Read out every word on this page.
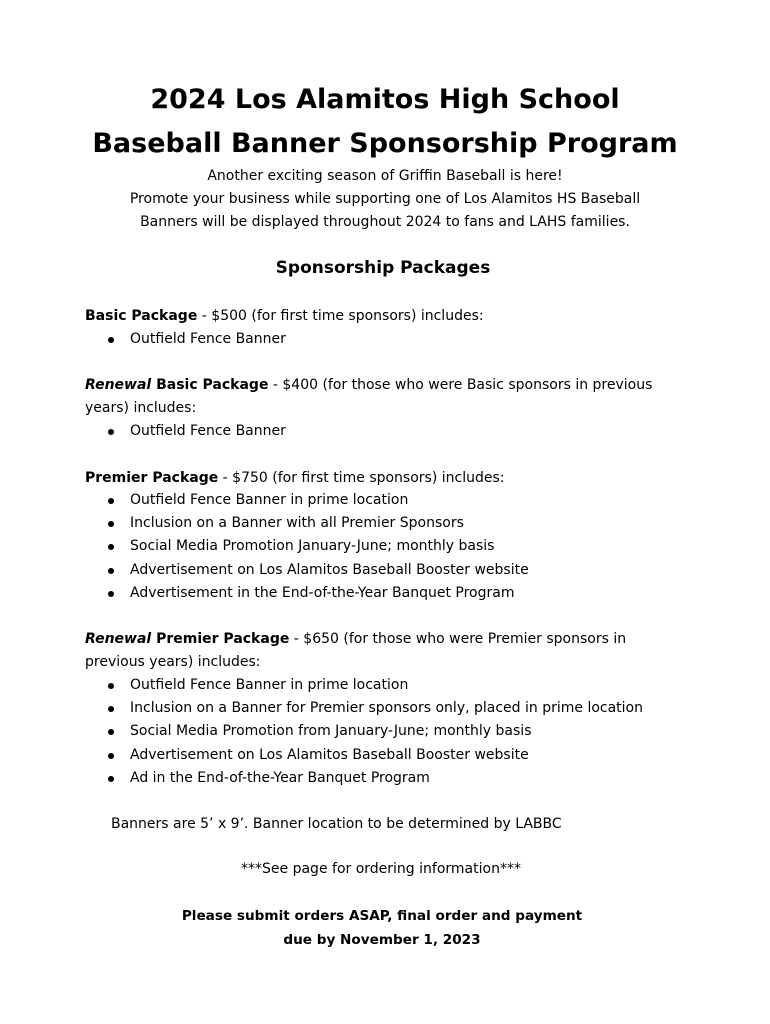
2024 Los Alamitos High School
Baseball Banner Sponsorship Program

Another exciting season of Griffin Baseball is here!

Promote your business while supporting one of Los Alamitos HS Baseball

Banners will be displayed throughout 2024 to fans and LAHS families.

Sponsorship Packages

Basic Package - $500 (for first time sponsors) includes:

Outfield Fence Banner

Renewal Basic Package - $400 (for those who were Basic sponsors in previous
years) includes:

Outfield Fence Banner

Premier Package - $750 (for first time sponsors) includes:

Outfield Fence Banner in prime location
Inclusion on a Banner with all Premier Sponsors
Social Media Promotion January-June; monthly basis
Advertisement on Los Alamitos Baseball Booster website
Advertisement in the End-of-the-Year Banquet Program

Renewal Premier Package - $650 (for those who were Premier sponsors in
previous years) includes:

Outfield Fence Banner in prime location
Inclusion on a Banner for Premier sponsors only, placed in prime location
Social Media Promotion from January-June; monthly basis
Advertisement on Los Alamitos Baseball Booster website
Ad in the End-of-the-Year Banquet Program

Banners are 5’ x 9’. Banner location to be determined by LABBC

***See page for ordering information***

Please submit orders ASAP, final order and payment

due by November 1, 2023
